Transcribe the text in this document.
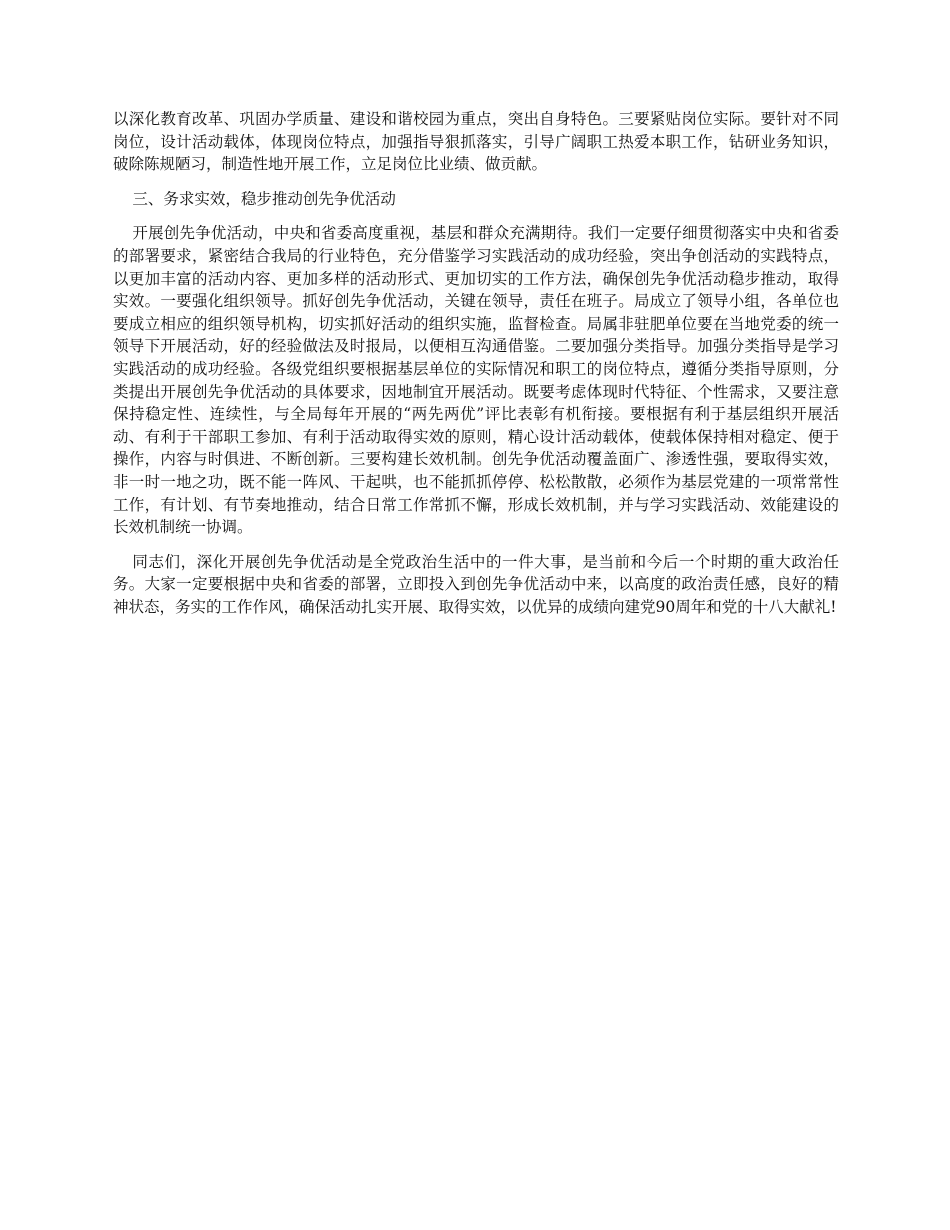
以深化教育改革、巩固办学质量、建设和谐校园为重点，突出自身特色。三要紧贴岗位实际。要针对不同岗位，设计活动载体，体现岗位特点，加强指导狠抓落实，引导广阔职工热爱本职工作，钻研业务知识，破除陈规陋习，制造性地开展工作，立足岗位比业绩、做贡献。

三、务求实效，稳步推动创先争优活动

开展创先争优活动，中央和省委高度重视，基层和群众充满期待。我们一定要仔细贯彻落实中央和省委的部署要求，紧密结合我局的行业特色，充分借鉴学习实践活动的成功经验，突出争创活动的实践特点，以更加丰富的活动内容、更加多样的活动形式、更加切实的工作方法，确保创先争优活动稳步推动，取得实效。一要强化组织领导。抓好创先争优活动，关键在领导，责任在班子。局成立了领导小组，各单位也要成立相应的组织领导机构，切实抓好活动的组织实施，监督检查。局属非驻肥单位要在当地党委的统一领导下开展活动，好的经验做法及时报局，以便相互沟通借鉴。二要加强分类指导。加强分类指导是学习实践活动的成功经验。各级党组织要根据基层单位的实际情况和职工的岗位特点，遵循分类指导原则，分类提出开展创先争优活动的具体要求，因地制宜开展活动。既要考虑体现时代特征、个性需求，又要注意保持稳定性、连续性，与全局每年开展的“两先两优”评比表彰有机衔接。要根据有利于基层组织开展活动、有利于干部职工参加、有利于活动取得实效的原则，精心设计活动载体，使载体保持相对稳定、便于操作，内容与时俱进、不断创新。三要构建长效机制。创先争优活动覆盖面广、渗透性强，要取得实效，非一时一地之功，既不能一阵风、干起哄，也不能抓抓停停、松松散散，必须作为基层党建的一项常常性工作，有计划、有节奏地推动，结合日常工作常抓不懈，形成长效机制，并与学习实践活动、效能建设的长效机制统一协调。

同志们，深化开展创先争优活动是全党政治生活中的一件大事，是当前和今后一个时期的重大政治任务。大家一定要根据中央和省委的部署，立即投入到创先争优活动中来，以高度的政治责任感，良好的精神状态，务实的工作作风，确保活动扎实开展、取得实效，以优异的成绩向建党90周年和党的十八大献礼!
